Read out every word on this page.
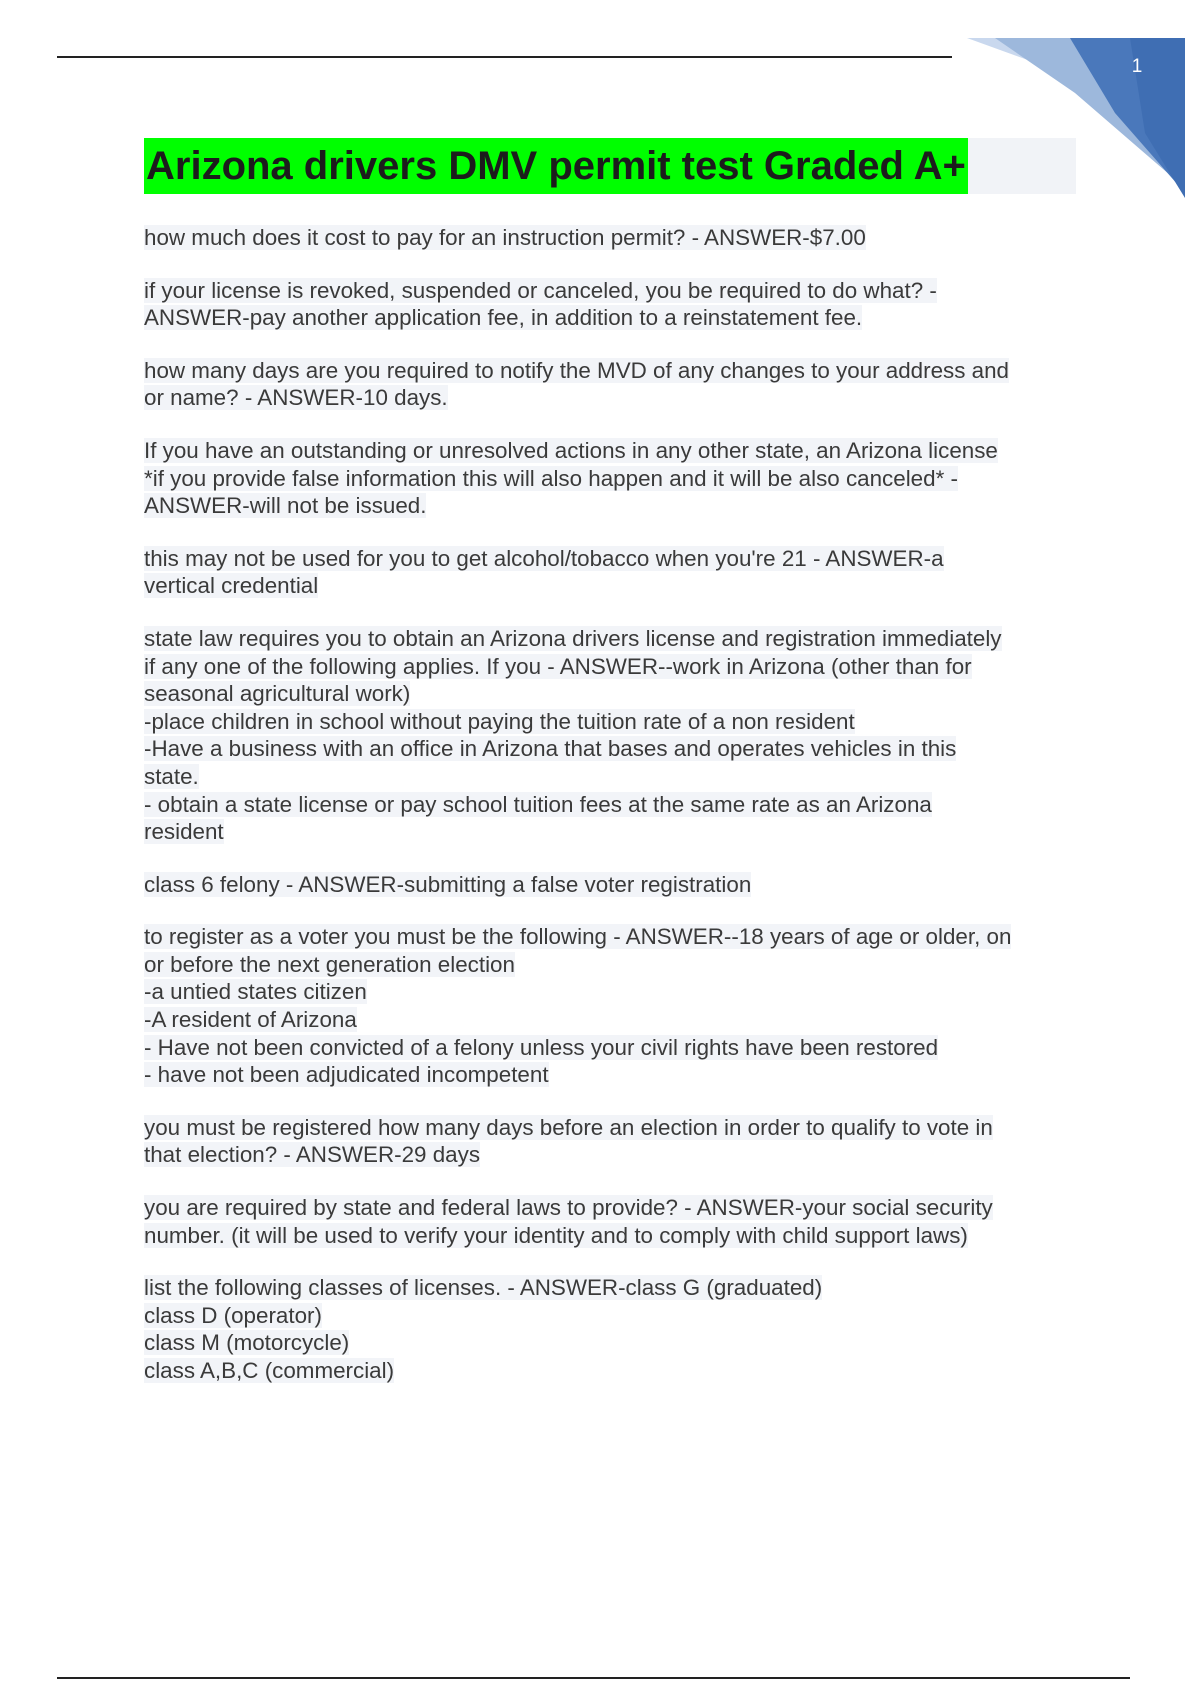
1
Arizona drivers DMV permit test Graded A+
how much does it cost to pay for an instruction permit? - ANSWER-$7.00
if your license is revoked, suspended or canceled, you be required to do what? -
ANSWER-pay another application fee, in addition to a reinstatement fee.
how many days are you required to notify the MVD of any changes to your address and
or name? - ANSWER-10 days.
If you have an outstanding or unresolved actions in any other state, an Arizona license
*if you provide false information this will also happen and it will be also canceled* -
ANSWER-will not be issued.
this may not be used for you to get alcohol/tobacco when you're 21 - ANSWER-a
vertical credential
state law requires you to obtain an Arizona drivers license and registration immediately
if any one of the following applies. If you - ANSWER--work in Arizona (other than for
seasonal agricultural work)
-place children in school without paying the tuition rate of a non resident
-Have a business with an office in Arizona that bases and operates vehicles in this
state.
- obtain a state license or pay school tuition fees at the same rate as an Arizona
resident
class 6 felony - ANSWER-submitting a false voter registration
to register as a voter you must be the following - ANSWER--18 years of age or older, on
or before the next generation election
-a untied states citizen
-A resident of Arizona
- Have not been convicted of a felony unless your civil rights have been restored
- have not been adjudicated incompetent
you must be registered how many days before an election in order to qualify to vote in
that election? - ANSWER-29 days
you are required by state and federal laws to provide? - ANSWER-your social security
number. (it will be used to verify your identity and to comply with child support laws)
list the following classes of licenses. - ANSWER-class G (graduated)
class D (operator)
class M (motorcycle)
class A,B,C (commercial)
